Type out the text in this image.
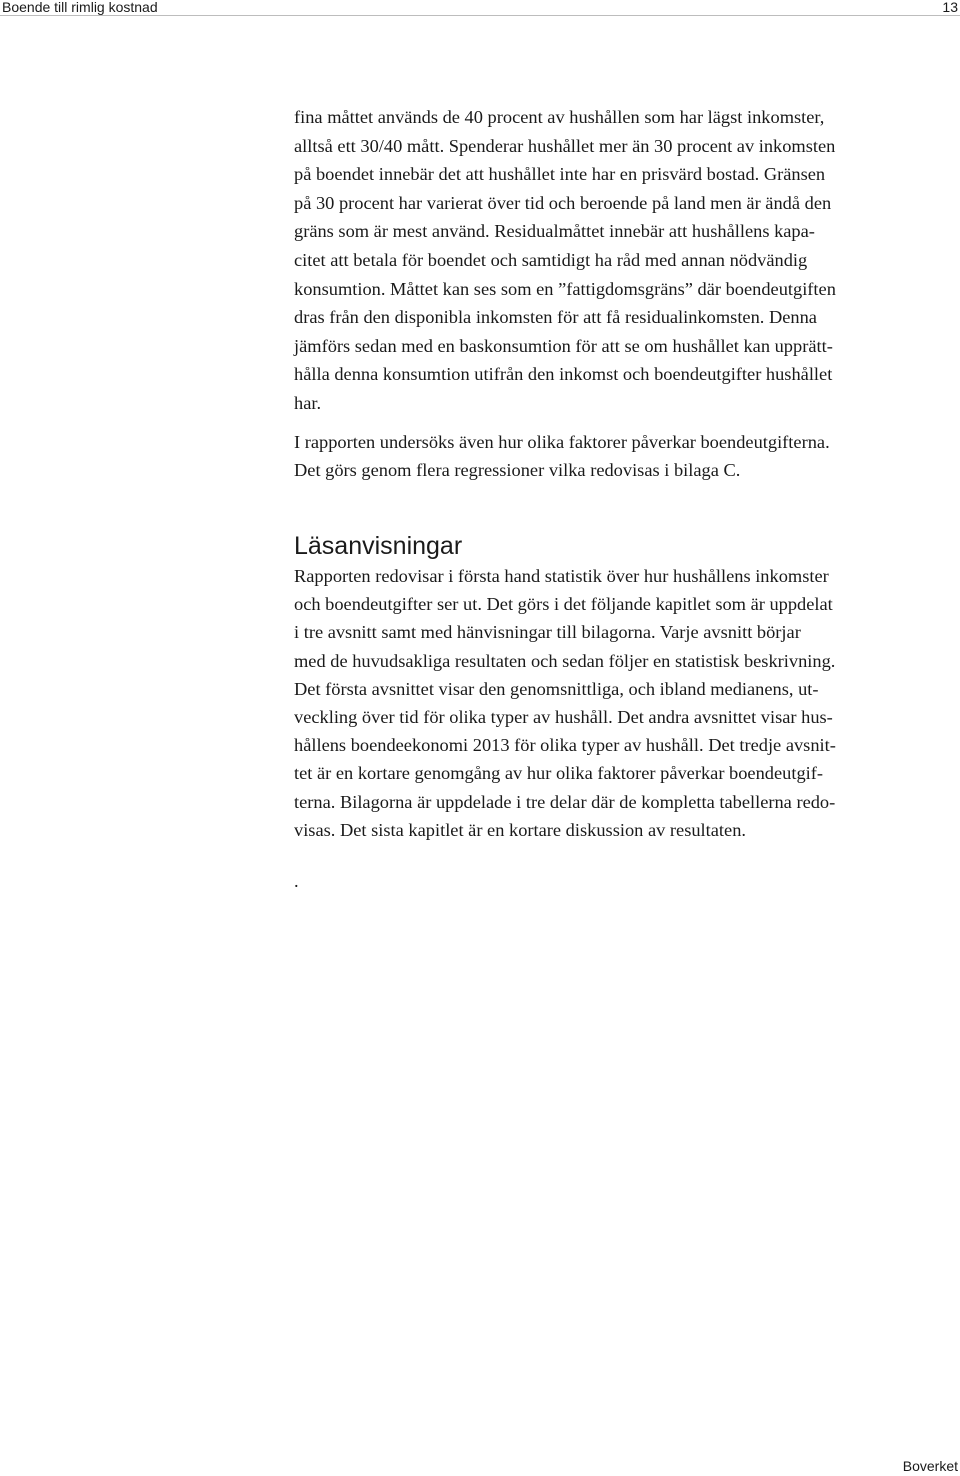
Boende till rimlig kostnad	13

fina måttet används de 40 procent av hushållen som har lägst inkomster,

alltså ett 30/40 mått. Spenderar hushållet mer än 30 procent av inkomsten

på boendet innebär det att hushållet inte har en prisvärd bostad. Gränsen

på 30 procent har varierat över tid och beroende på land men är ändå den

gräns som är mest använd. Residualmåttet innebär att hushållens kapa-

citet att betala för boendet och samtidigt ha råd med annan nödvändig

konsumtion. Måttet kan ses som en ”fattigdomsgräns” där boendeutgiften

dras från den disponibla inkomsten för att få residualinkomsten. Denna

jämförs sedan med en baskonsumtion för att se om hushållet kan upprätt-

hålla denna konsumtion utifrån den inkomst och boendeutgifter hushållet

har.

I rapporten undersöks även hur olika faktorer påverkar boendeutgifterna.

Det görs genom flera regressioner vilka redovisas i bilaga C.

Läsanvisningar

Rapporten redovisar i första hand statistik över hur hushållens inkomster

och boendeutgifter ser ut. Det görs i det följande kapitlet som är uppdelat

i tre avsnitt samt med hänvisningar till bilagorna. Varje avsnitt börjar

med de huvudsakliga resultaten och sedan följer en statistisk beskrivning.

Det första avsnittet visar den genomsnittliga, och ibland medianens, ut-

veckling över tid för olika typer av hushåll. Det andra avsnittet visar hus-

hållens boendeekonomi 2013 för olika typer av hushåll. Det tredje avsnit-

tet är en kortare genomgång av hur olika faktorer påverkar boendeutgif-

terna. Bilagorna är uppdelade i tre delar där de kompletta tabellerna redo-

visas. Det sista kapitlet är en kortare diskussion av resultaten.

.
Boverket
